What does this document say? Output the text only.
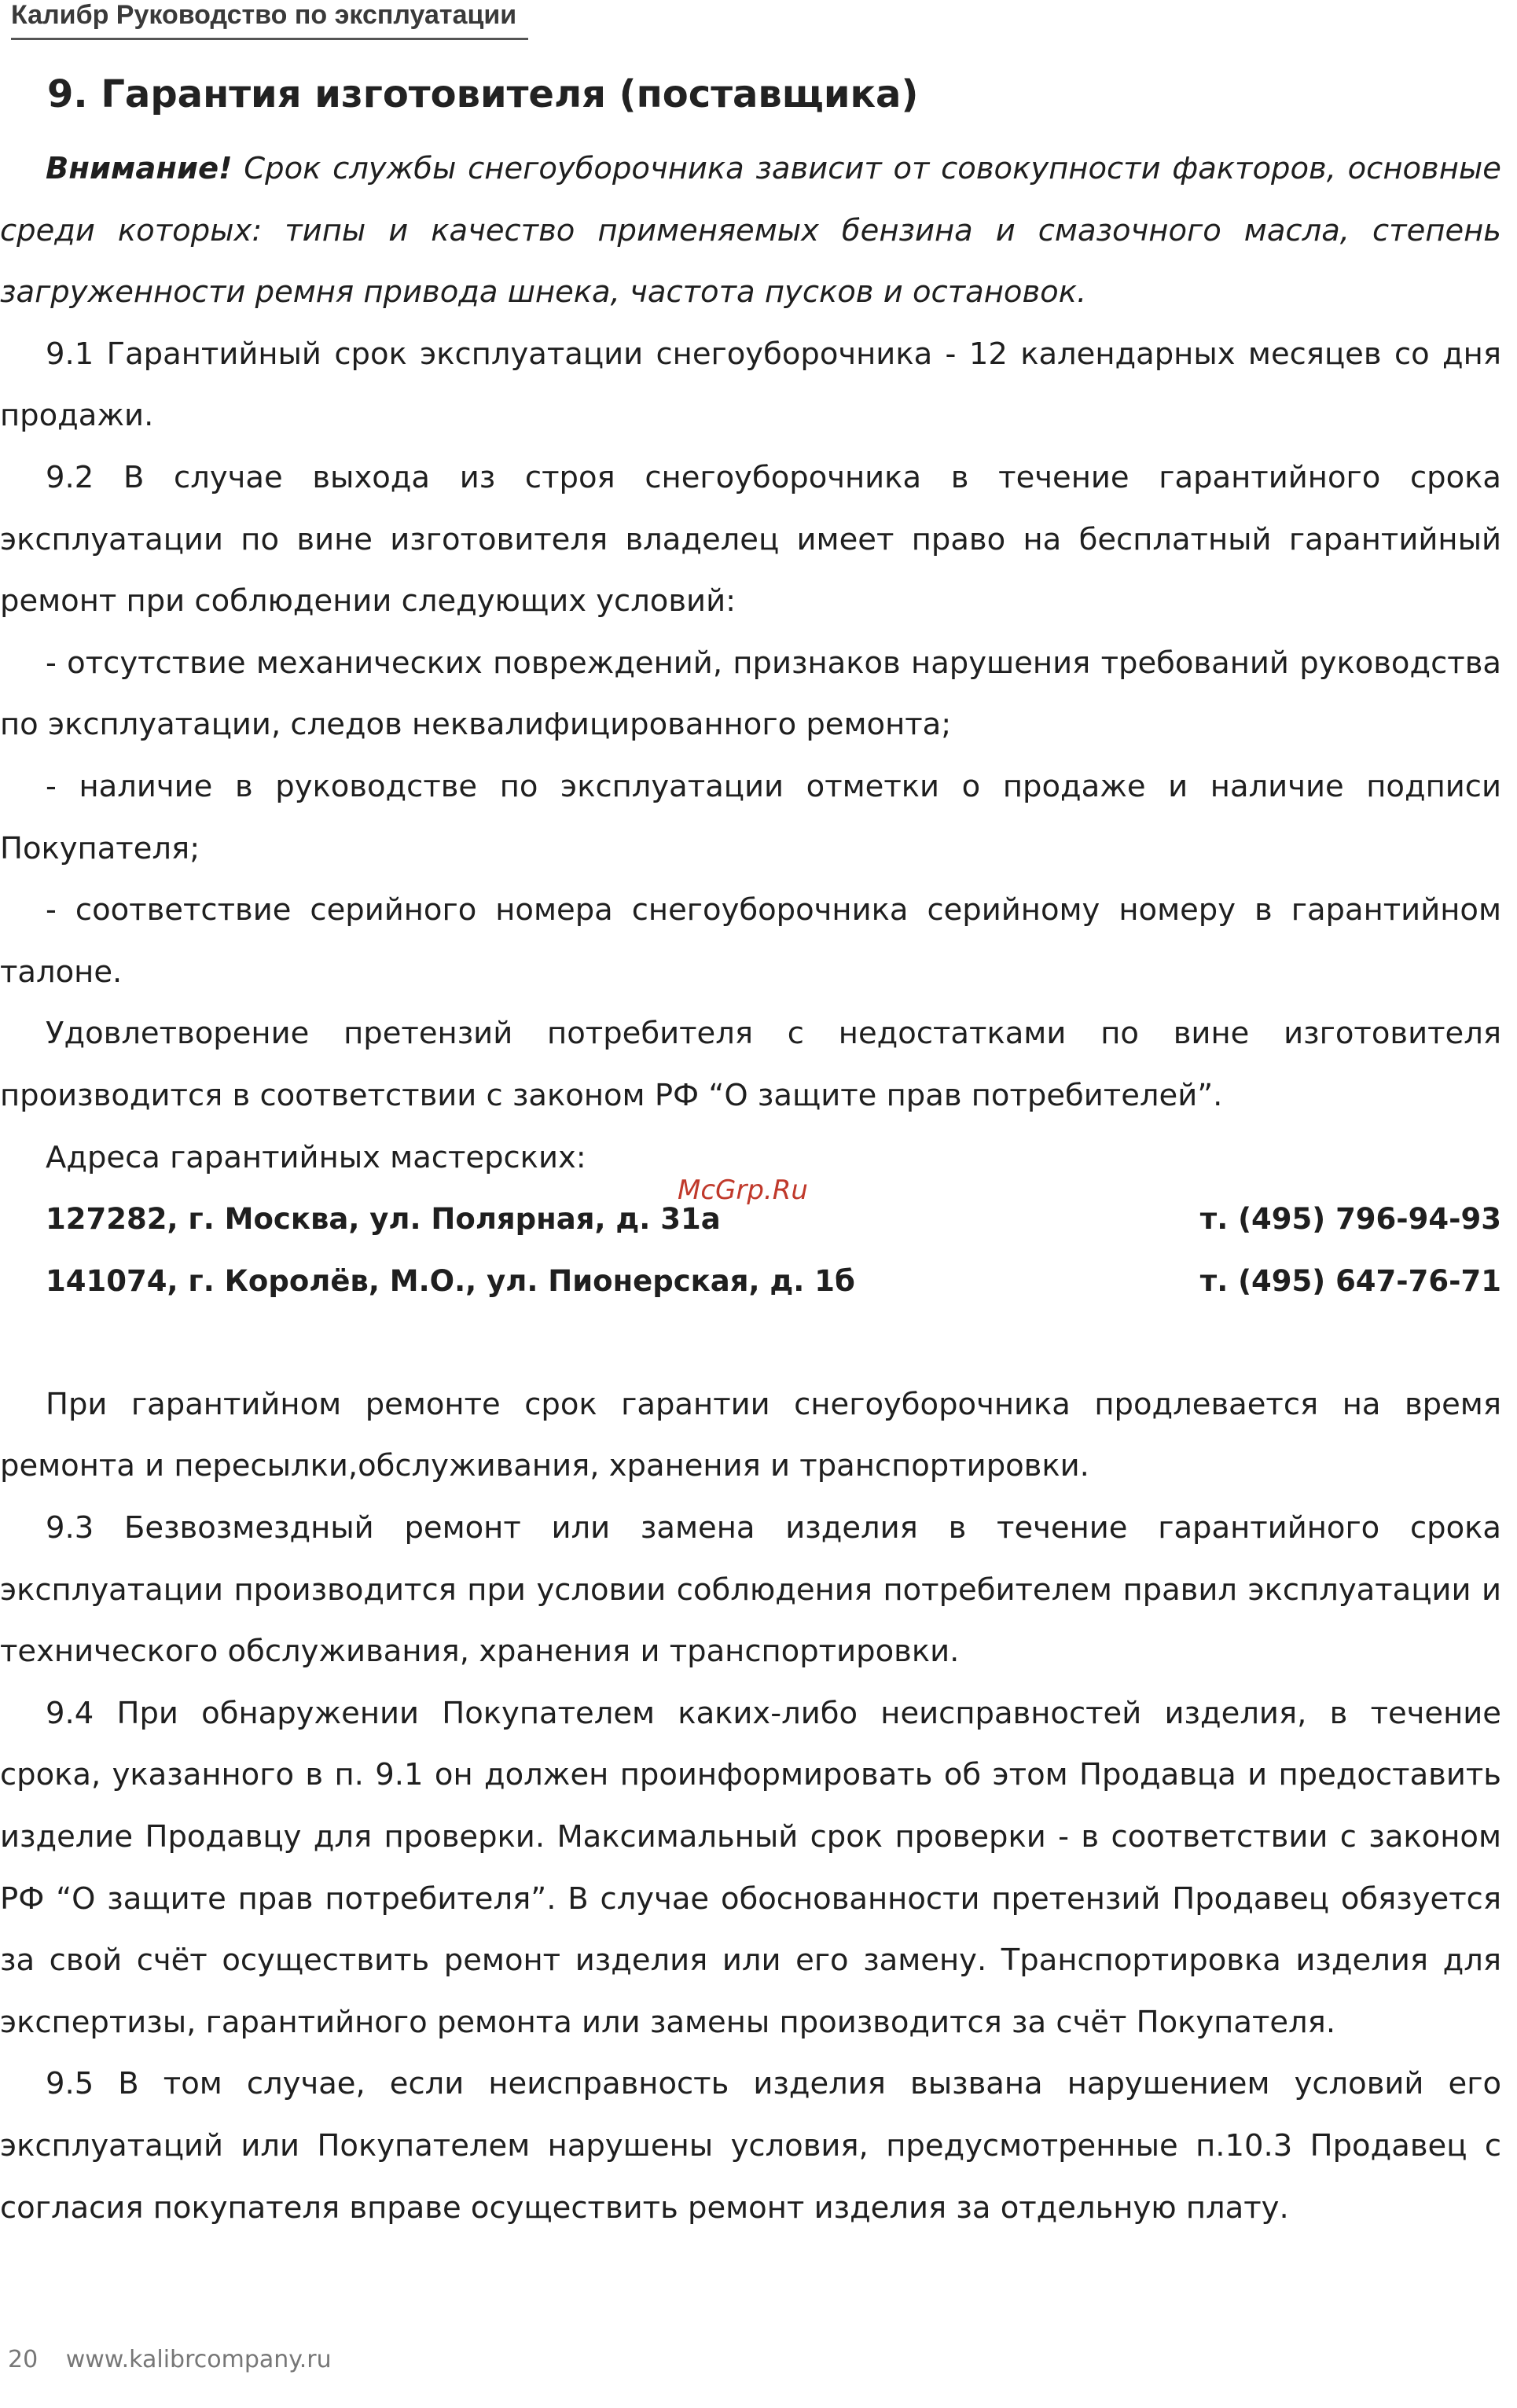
Калибр Руководство по эксплуатации
9. Гарантия изготовителя (поставщика)

Внимание! Срок службы снегоуборочника зависит от совокупности факторов, основные среди которых: типы и качество применяемых бензина и смазочного масла, степень загруженности ремня привода шнека, частота пусков и остановок.

9.1 Гарантийный срок эксплуатации снегоуборочника - 12 календарных месяцев со дня продажи.

9.2 В случае выхода из строя снегоуборочника в течение гарантийного срока эксплуатации по вине изготовителя владелец имеет право на бесплатный гарантийный ремонт при соблюдении следующих условий:

- отсутствие механических повреждений, признаков нарушения требований руководства по эксплуатации, следов неквалифицированного ремонта;

- наличие в руководстве по эксплуатации отметки о продаже и наличие подписи Покупателя;

- соответствие серийного номера снегоуборочника серийному номеру в гарантийном талоне.

Удовлетворение претензий потребителя с недостатками по вине изготовителя производится в соответствии с законом РФ “О защите прав потребителей”.

Адреса гарантийных мастерских:

127282, г. Москва, ул. Полярная, д. 31а	т. (495) 796-94-93
141074, г. Королёв, М.О., ул. Пионерская, д. 1б	т. (495) 647-76-71

При гарантийном ремонте срок гарантии снегоуборочника продлевается на время ремонта и пересылки,обслуживания, хранения и транспортировки.

9.3 Безвозмездный ремонт или замена изделия в течение гарантийного срока эксплуатации производится при условии соблюдения потребителем правил эксплуатации и технического обслуживания, хранения и транспортировки.

9.4 При обнаружении Покупателем каких-либо неисправностей изделия, в течение срока, указанного в п. 9.1 он должен проинформировать об этом Продавца и предоставить изделие Продавцу для проверки. Максимальный срок проверки - в соответствии с законом РФ “О защите прав потребителя”. В случае обоснованности претензий Продавец обязуется за свой счёт осуществить ремонт изделия или его замену. Транспортировка изделия для экспертизы, гарантийного ремонта или замены производится за счёт Покупателя.

9.5 В том случае, если неисправность изделия вызвана нарушением условий его эксплуатаций или Покупателем нарушены условия, предусмотренные п.10.3 Продавец с согласия покупателя вправе осуществить ремонт изделия за отдельную плату.

McGrp.Ru
20 www.kalibrcompany.ru
